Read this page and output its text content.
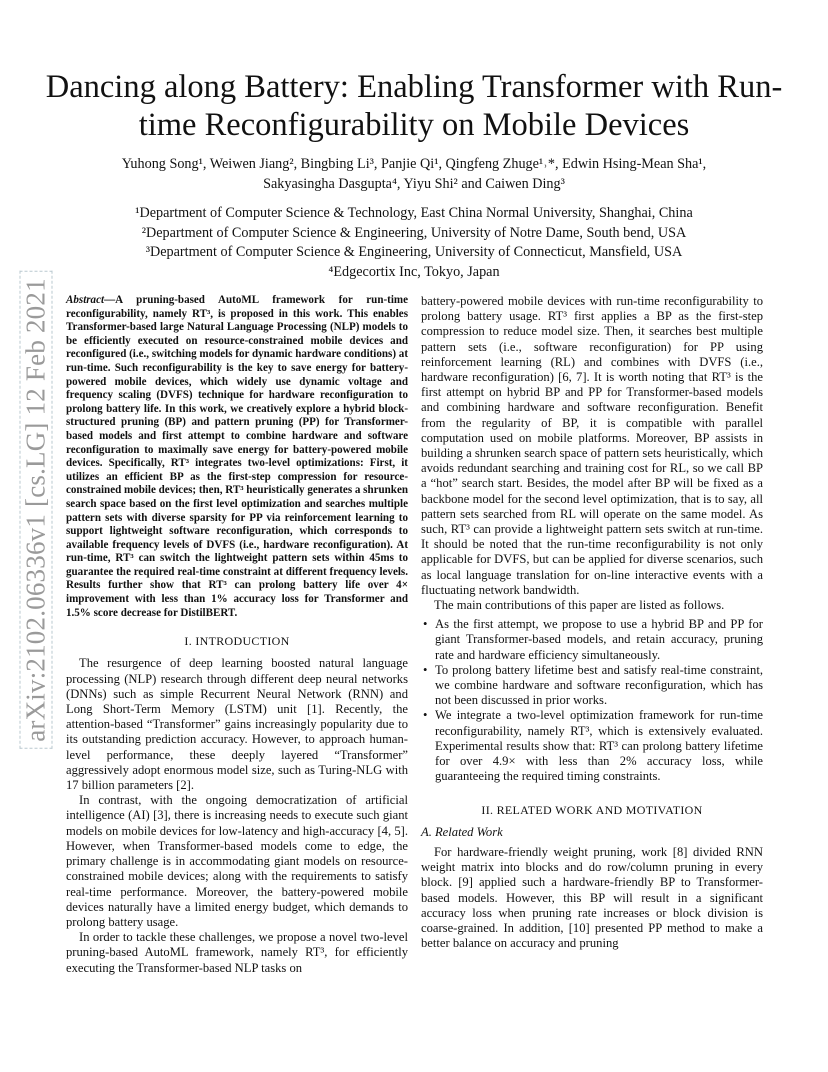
arXiv:2102.06336v1 [cs.LG] 12 Feb 2021
Dancing along Battery: Enabling Transformer with Run-time Reconfigurability on Mobile Devices
Yuhong Song¹, Weiwen Jiang², Bingbing Li³, Panjie Qi¹, Qingfeng Zhuge¹˒*, Edwin Hsing-Mean Sha¹,
Sakyasingha Dasgupta⁴, Yiyu Shi² and Caiwen Ding³
¹Department of Computer Science & Technology, East China Normal University, Shanghai, China
²Department of Computer Science & Engineering, University of Notre Dame, South bend, USA
³Department of Computer Science & Engineering, University of Connecticut, Mansfield, USA
⁴Edgecortix Inc, Tokyo, Japan
Abstract—A pruning-based AutoML framework for run-time reconfigurability, namely RT³, is proposed in this work. This enables Transformer-based large Natural Language Processing (NLP) models to be efficiently executed on resource-constrained mobile devices and reconfigured (i.e., switching models for dynamic hardware conditions) at run-time. Such reconfigurability is the key to save energy for battery-powered mobile devices, which widely use dynamic voltage and frequency scaling (DVFS) technique for hardware reconfiguration to prolong battery life. In this work, we creatively explore a hybrid block-structured pruning (BP) and pattern pruning (PP) for Transformer-based models and first attempt to combine hardware and software reconfiguration to maximally save energy for battery-powered mobile devices. Specifically, RT³ integrates two-level optimizations: First, it utilizes an efficient BP as the first-step compression for resource-constrained mobile devices; then, RT³ heuristically generates a shrunken search space based on the first level optimization and searches multiple pattern sets with diverse sparsity for PP via reinforcement learning to support lightweight software reconfiguration, which corresponds to available frequency levels of DVFS (i.e., hardware reconfiguration). At run-time, RT³ can switch the lightweight pattern sets within 45ms to guarantee the required real-time constraint at different frequency levels. Results further show that RT³ can prolong battery life over 4× improvement with less than 1% accuracy loss for Transformer and 1.5% score decrease for DistilBERT.
I. INTRODUCTION

The resurgence of deep learning boosted natural language processing (NLP) research through different deep neural networks (DNNs) such as simple Recurrent Neural Network (RNN) and Long Short-Term Memory (LSTM) unit [1]. Recently, the attention-based “Transformer” gains increasingly popularity due to its outstanding prediction accuracy. However, to approach human-level performance, these deeply layered “Transformer” aggressively adopt enormous model size, such as Turing-NLG with 17 billion parameters [2].

In contrast, with the ongoing democratization of artificial intelligence (AI) [3], there is increasing needs to execute such giant models on mobile devices for low-latency and high-accuracy [4, 5]. However, when Transformer-based models come to edge, the primary challenge is in accommodating giant models on resource-constrained mobile devices; along with the requirements to satisfy real-time performance. Moreover, the battery-powered mobile devices naturally have a limited energy budget, which demands to prolong battery usage.

In order to tackle these challenges, we propose a novel two-level pruning-based AutoML framework, namely RT³, for efficiently executing the Transformer-based NLP tasks on

battery-powered mobile devices with run-time reconfigurability to prolong battery usage. RT³ first applies a BP as the first-step compression to reduce model size. Then, it searches best multiple pattern sets (i.e., software reconfiguration) for PP using reinforcement learning (RL) and combines with DVFS (i.e., hardware reconfiguration) [6, 7]. It is worth noting that RT³ is the first attempt on hybrid BP and PP for Transformer-based models and combining hardware and software reconfiguration. Benefit from the regularity of BP, it is compatible with parallel computation used on mobile platforms. Moreover, BP assists in building a shrunken search space of pattern sets heuristically, which avoids redundant searching and training cost for RL, so we call BP a “hot” search start. Besides, the model after BP will be fixed as a backbone model for the second level optimization, that is to say, all pattern sets searched from RL will operate on the same model. As such, RT³ can provide a lightweight pattern sets switch at run-time. It should be noted that the run-time reconfigurability is not only applicable for DVFS, but can be applied for diverse scenarios, such as local language translation for on-line interactive events with a fluctuating network bandwidth.

The main contributions of this paper are listed as follows.

• As the first attempt, we propose to use a hybrid BP and PP for giant Transformer-based models, and retain accuracy, pruning rate and hardware efficiency simultaneously.
• To prolong battery lifetime best and satisfy real-time constraint, we combine hardware and software reconfiguration, which has not been discussed in prior works.
• We integrate a two-level optimization framework for run-time reconfigurability, namely RT³, which is extensively evaluated. Experimental results show that: RT³ can prolong battery lifetime for over 4.9× with less than 2% accuracy loss, while guaranteeing the required timing constraints.
II. RELATED WORK AND MOTIVATION
A. Related Work

For hardware-friendly weight pruning, work [8] divided RNN weight matrix into blocks and do row/column pruning in every block. [9] applied such a hardware-friendly BP to Transformer-based models. However, this BP will result in a significant accuracy loss when pruning rate increases or block division is coarse-grained. In addition, [10] presented PP method to make a better balance on accuracy and pruning
